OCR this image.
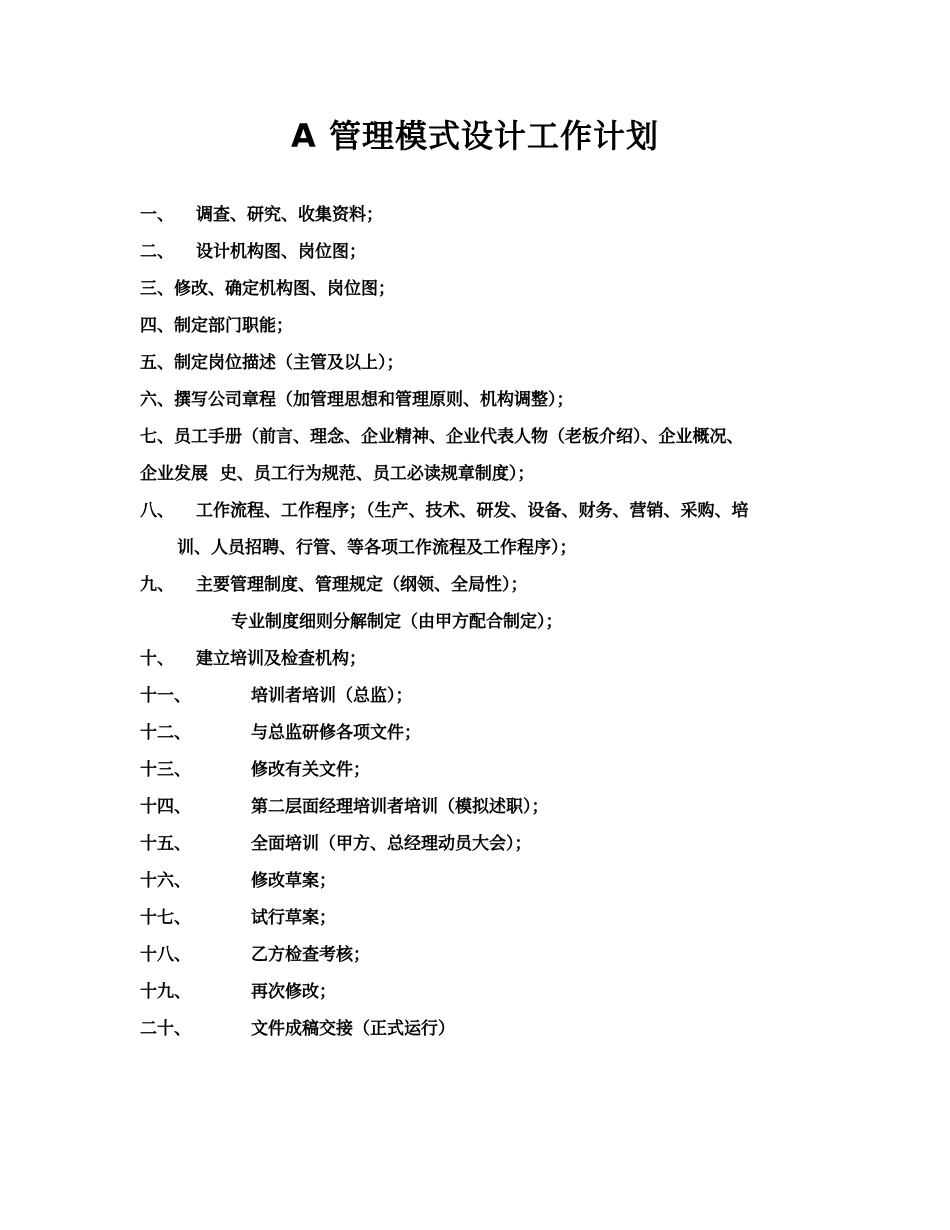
A 管理模式设计工作计划
一、 调查、研究、收集资料；
二、 设计机构图、岗位图；
三、修改、确定机构图、岗位图；
四、制定部门职能；
五、制定岗位描述（主管及以上）；
六、撰写公司章程（加管理思想和管理原则、机构调整）；
七、员工手册（前言、理念、企业精神、企业代表人物（老板介绍）、企业概况、
企业发展  史、员工行为规范、员工必读规章制度）；
八、 工作流程、工作程序；（生产、技术、研发、设备、财务、营销、采购、培
训、人员招聘、行管、等各项工作流程及工作程序）；
九、 主要管理制度、管理规定（纲领、全局性）；
专业制度细则分解制定（由甲方配合制定）；
十、 建立培训及检查机构；
十一、	培训者培训（总监）；
十二、	与总监研修各项文件；
十三、	修改有关文件；
十四、	第二层面经理培训者培训（模拟述职）；
十五、	全面培训（甲方、总经理动员大会）；
十六、	修改草案；
十七、	试行草案；
十八、	乙方检查考核；
十九、	再次修改；
二十、	文件成稿交接（正式运行）
